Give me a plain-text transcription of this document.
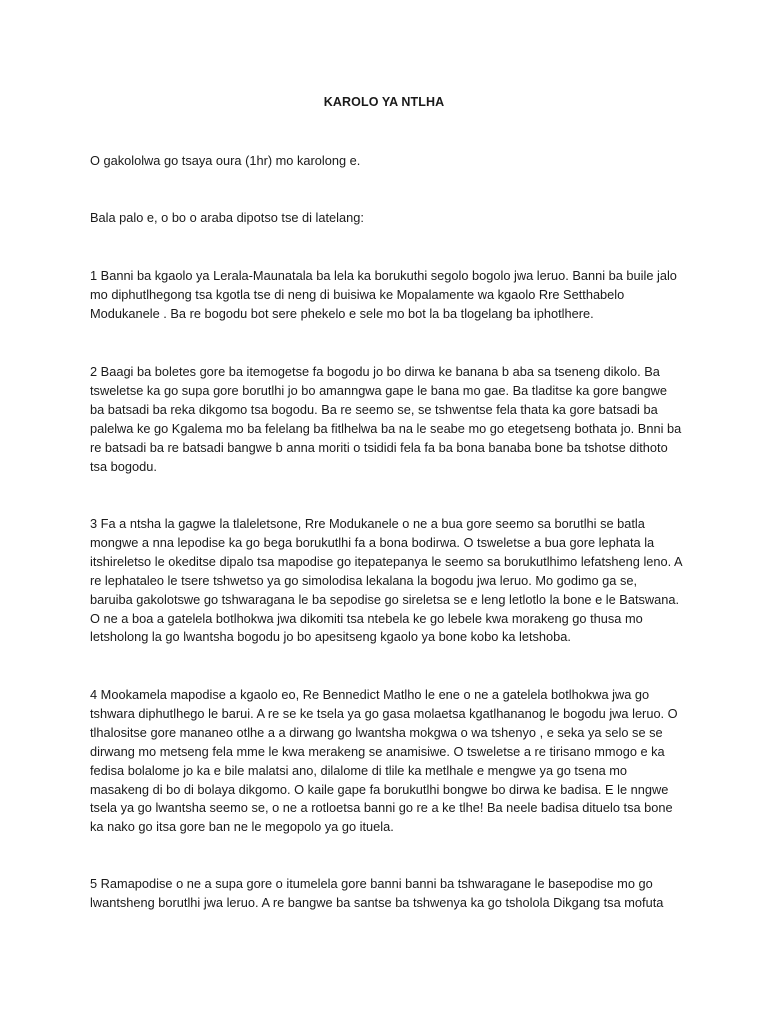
KAROLO YA NTLHA

O gakololwa go tsaya oura (1hr) mo karolong e.

Bala palo e, o bo o araba dipotso tse di latelang:

1 Banni ba kgaolo ya Lerala-Maunatala ba lela ka borukuthi segolo bogolo jwa leruo. Banni ba buile jalo mo diphutlhegong tsa kgotla tse di neng di buisiwa ke Mopalamente wa kgaolo Rre Setthabelo Modukanele . Ba re bogodu bot sere phekelo e sele mo bot la ba tlogelang ba iphotlhere.

2 Baagi ba boletes gore ba itemogetse fa bogodu jo bo dirwa ke banana b aba sa tseneng dikolo. Ba tsweletse ka go supa gore borutlhi jo bo amanngwa gape le bana mo gae. Ba tladitse ka gore bangwe ba batsadi ba reka dikgomo tsa bogodu. Ba re seemo se, se tshwentse fela thata ka gore batsadi ba palelwa ke go Kgalema mo ba felelang ba fitlhelwa ba na le seabe mo go etegetseng bothata jo. Bnni ba re batsadi ba re batsadi bangwe b anna moriti o tsididi fela fa ba bona banaba bone ba tshotse dithoto tsa bogodu.

3 Fa a ntsha la gagwe la tlaleletsone, Rre Modukanele o ne a bua gore seemo sa borutlhi se batla mongwe a nna lepodise ka go bega borukutlhi fa a bona bodirwa. O tsweletse a bua gore lephata la itshireletso le okeditse dipalo tsa mapodise go itepatepanya le seemo sa borukutlhimo lefatsheng leno. A re lephataleo le tsere tshwetso ya go simolodisa lekalana la bogodu jwa leruo. Mo godimo ga se, baruiba gakolotswe go tshwaragana le ba sepodise go sireletsa se e leng letlotlo la bone e le Batswana. O ne a boa a gatelela botlhokwa jwa dikomiti tsa ntebela ke go lebele kwa morakeng go thusa mo letsholong la go lwantsha bogodu jo bo apesitseng kgaolo ya bone kobo ka letshoba.

4 Mookamela mapodise a kgaolo eo, Re Bennedict Matlho le ene o ne a gatelela botlhokwa jwa go tshwara diphutlhego le barui. A re se ke tsela ya go gasa molaetsa kgatlhananog le bogodu jwa leruo. O tlhalositse gore mananeo otlhe a a dirwang go lwantsha mokgwa o wa tshenyo , e seka ya selo se se dirwang mo metseng fela mme le kwa merakeng se anamisiwe. O tsweletse a re tirisano mmogo e ka fedisa bolalome jo ka e bile malatsi ano, dilalome di tlile ka metlhale e mengwe ya go tsena mo masakeng di bo di bolaya dikgomo. O kaile gape fa borukutlhi bongwe bo dirwa ke badisa. E le nngwe tsela ya go lwantsha seemo se, o ne a rotloetsa banni go re a ke tlhe! Ba neele badisa dituelo tsa bone ka nako go itsa gore ban ne le megopolo ya go ituela.

5 Ramapodise o ne a supa gore o itumelela gore banni banni ba tshwaragane le basepodise mo go lwantsheng borutlhi jwa leruo. A re bangwe ba santse ba tshwenya ka go tsholola Dikgang tsa mofuta
